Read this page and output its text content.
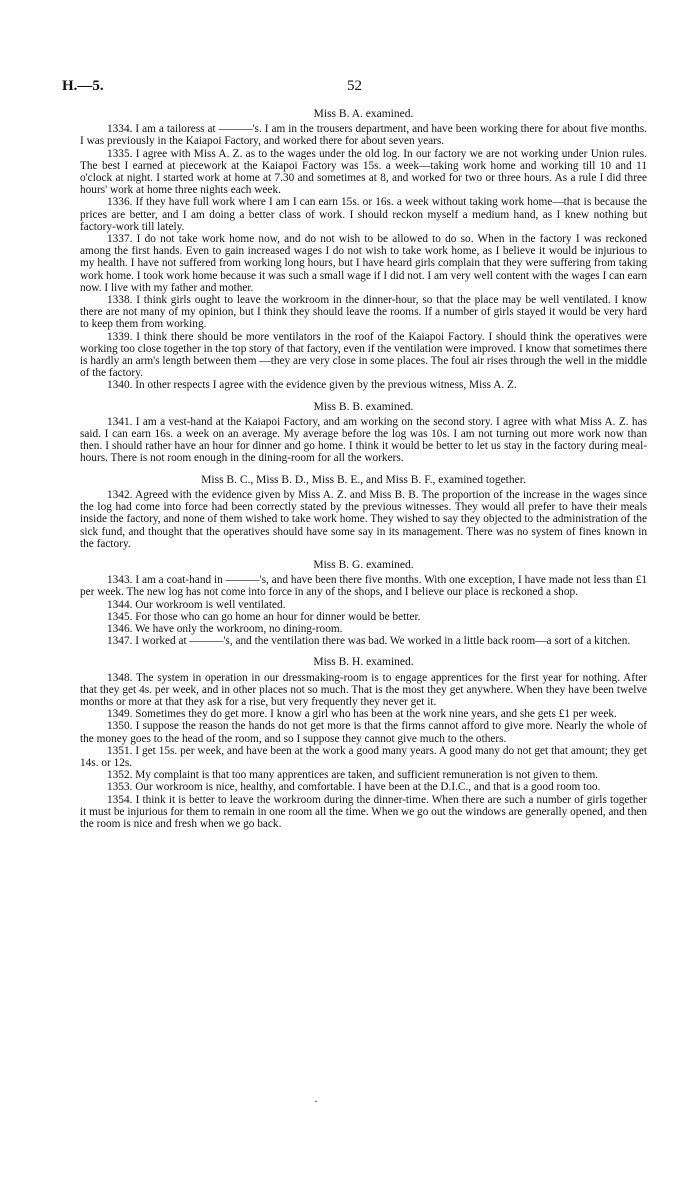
H.—5.	52
Miss B. A. examined.

1334. I am a tailoress at ———'s. I am in the trousers department, and have been working there for about five months. I was previously in the Kaiapoi Factory, and worked there for about seven years.

1335. I agree with Miss A. Z. as to the wages under the old log. In our factory we are not working under Union rules. The best I earned at piecework at the Kaiapoi Factory was 15s. a week—taking work home and working till 10 and 11 o'clock at night. I started work at home at 7.30 and sometimes at 8, and worked for two or three hours. As a rule I did three hours' work at home three nights each week.

1336. If they have full work where I am I can earn 15s. or 16s. a week without taking work home—that is because the prices are better, and I am doing a better class of work. I should reckon myself a medium hand, as I knew nothing but factory-work till lately.

1337. I do not take work home now, and do not wish to be allowed to do so. When in the factory I was reckoned among the first hands. Even to gain increased wages I do not wish to take work home, as I believe it would be injurious to my health. I have not suffered from working long hours, but I have heard girls complain that they were suffering from taking work home. I took work home because it was such a small wage if I did not. I am very well content with the wages I can earn now. I live with my father and mother.

1338. I think girls ought to leave the workroom in the dinner-hour, so that the place may be well ventilated. I know there are not many of my opinion, but I think they should leave the rooms. If a number of girls stayed it would be very hard to keep them from working.

1339. I think there should be more ventilators in the roof of the Kaiapoi Factory. I should think the operatives were working too close together in the top story of that factory, even if the ventilation were improved. I know that sometimes there is hardly an arm's length between them —they are very close in some places. The foul air rises through the well in the middle of the factory.

1340. In other respects I agree with the evidence given by the previous witness, Miss A. Z.

Miss B. B. examined.

1341. I am a vest-hand at the Kaiapoi Factory, and am working on the second story. I agree with what Miss A. Z. has said. I can earn 16s. a week on an average. My average before the log was 10s. I am not turning out more work now than then. I should rather have an hour for dinner and go home. I think it would be better to let us stay in the factory during meal-hours. There is not room enough in the dining-room for all the workers.

Miss B. C., Miss B. D., Miss B. E., and Miss B. F., examined together.

1342. Agreed with the evidence given by Miss A. Z. and Miss B. B. The proportion of the increase in the wages since the log had come into force had been correctly stated by the previous witnesses. They would all prefer to have their meals inside the factory, and none of them wished to take work home. They wished to say they objected to the administration of the sick fund, and thought that the operatives should have some say in its management. There was no system of fines known in the factory.

Miss B. G. examined.

1343. I am a coat-hand in ———'s, and have been there five months. With one exception, I have made not less than £1 per week. The new log has not come into force in any of the shops, and I believe our place is reckoned a shop.

1344. Our workroom is well ventilated.

1345. For those who can go home an hour for dinner would be better.

1346. We have only the workroom, no dining-room.

1347. I worked at ———'s, and the ventilation there was bad. We worked in a little back room—a sort of a kitchen.

Miss B. H. examined.

1348. The system in operation in our dressmaking-room is to engage apprentices for the first year for nothing. After that they get 4s. per week, and in other places not so much. That is the most they get anywhere. When they have been twelve months or more at that they ask for a rise, but very frequently they never get it.

1349. Sometimes they do get more. I know a girl who has been at the work nine years, and she gets £1 per week.

1350. I suppose the reason the hands do not get more is that the firms cannot afford to give more. Nearly the whole of the money goes to the head of the room, and so I suppose they cannot give much to the others.

1351. I get 15s. per week, and have been at the work a good many years. A good many do not get that amount; they get 14s. or 12s.

1352. My complaint is that too many apprentices are taken, and sufficient remuneration is not given to them.

1353. Our workroom is nice, healthy, and comfortable. I have been at the D.I.C., and that is a good room too.

1354. I think it is better to leave the workroom during the dinner-time. When there are such a number of girls together it must be injurious for them to remain in one room all the time. When we go out the windows are generally opened, and then the room is nice and fresh when we go back.

·
